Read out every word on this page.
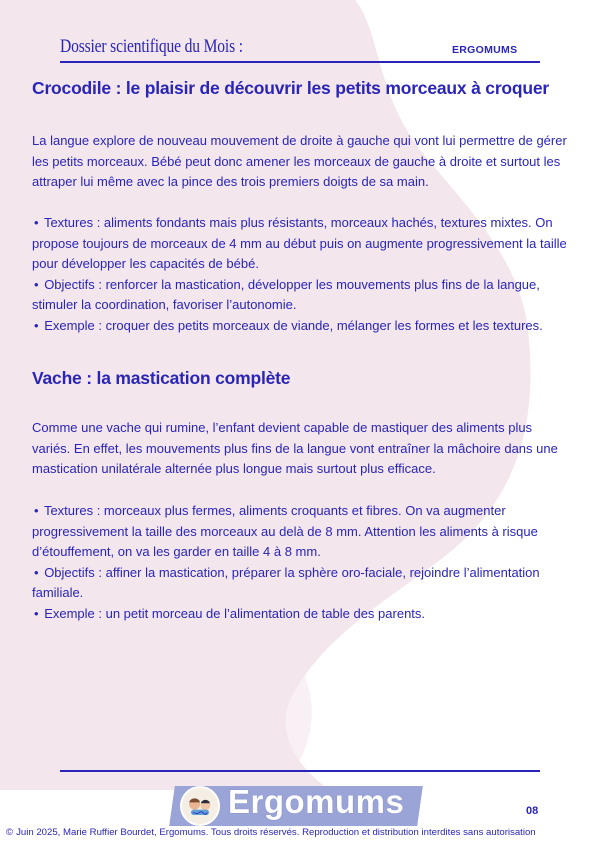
Dossier scientifique du Mois :	ERGOMUMS
Crocodile : le plaisir de découvrir les petits morceaux à croquer

La langue explore de nouveau mouvement de droite à gauche qui vont lui permettre de gérer les petits morceaux. Bébé peut donc amener les morceaux de gauche à droite et surtout les attraper lui même avec la pince des trois premiers doigts de sa main.

• Textures : aliments fondants mais plus résistants, morceaux hachés, textures mixtes. On propose toujours de morceaux de 4 mm au début puis on augmente progressivement la taille pour développer les capacités de bébé.
• Objectifs : renforcer la mastication, développer les mouvements plus fins de la langue, stimuler la coordination, favoriser l’autonomie.
• Exemple : croquer des petits morceaux de viande, mélanger les formes et les textures.

Vache : la mastication complète

Comme une vache qui rumine, l’enfant devient capable de mastiquer des aliments plus variés. En effet, les mouvements plus fins de la langue vont entraîner la mâchoire dans une mastication unilatérale alternée plus longue mais surtout plus efficace.

• Textures : morceaux plus fermes, aliments croquants et fibres. On va augmenter progressivement la taille des morceaux au delà de 8 mm. Attention les aliments à risque d’étouffement, on va les garder en taille 4 à 8 mm.
• Objectifs : affiner la mastication, préparer la sphère oro-faciale, rejoindre l’alimentation familiale.
• Exemple : un petit morceau de l’alimentation de table des parents.

Ergomums	08
© Juin 2025, Marie Ruffier Bourdet, Ergomums. Tous droits réservés. Reproduction et distribution interdites sans autorisation
